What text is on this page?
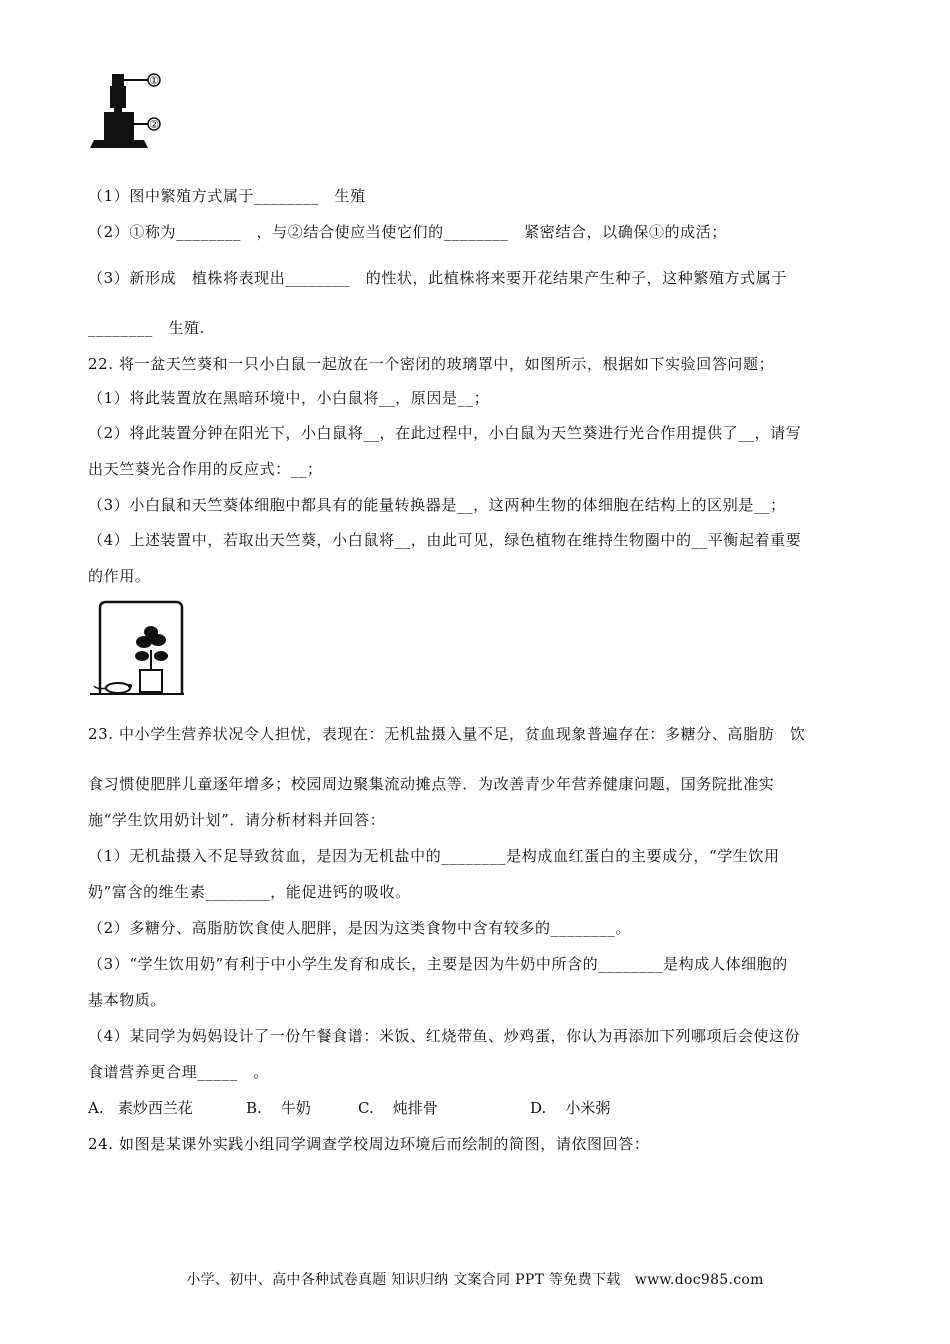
①
②
（1）图中繁殖方式属于________　生殖
（2）①称为________　，与②结合使应当使它们的________　紧密结合，以确保①的成活；
（3）新形成　植株将表现出________　的性状，此植株将来要开花结果产生种子，这种繁殖方式属于
________　生殖.
22. 将一盆天竺葵和一只小白鼠一起放在一个密闭的玻璃罩中，如图所示，根据如下实验回答问题；
（1）将此装置放在黑暗环境中，小白鼠将__，原因是__；
（2）将此装置分钟在阳光下，小白鼠将__，在此过程中，小白鼠为天竺葵进行光合作用提供了__，请写
出天竺葵光合作用的反应式：__；
（3）小白鼠和天竺葵体细胞中都具有的能量转换器是__，这两种生物的体细胞在结构上的区别是__；
（4）上述装置中，若取出天竺葵，小白鼠将__，由此可见，绿色植物在维持生物圈中的__平衡起着重要
的作用。
23. 中小学生营养状况令人担忧，表现在：无机盐摄入量不足，贫血现象普遍存在：多糖分、高脂肪　饮
食习惯使肥胖儿童逐年增多；校园周边聚集流动摊点等．为改善青少年营养健康问题，国务院批准实
施“学生饮用奶计划”．请分析材料并回答：
（1）无机盐摄入不足导致贫血，是因为无机盐中的________是构成血红蛋白的主要成分，“学生饮用
奶”富含的维生素________，能促进钙的吸收。
（2）多糖分、高脂肪饮食使人肥胖，是因为这类食物中含有较多的________。
（3）“学生饮用奶”有利于中小学生发育和成长，主要是因为牛奶中所含的________是构成人体细胞的
基本物质。
（4）某同学为妈妈设计了一份午餐食谱：米饭、红烧带鱼、炒鸡蛋，你认为再添加下列哪项后会使这份
食谱营养更合理_____　。
A. 素炒西兰花	B. 牛奶	C. 炖排骨	D. 小米粥
24. 如图是某课外实践小组同学调查学校周边环境后而绘制的简图，请依图回答：
小学、初中、高中各种试卷真题 知识归纳 文案合同 PPT 等免费下载　www.doc985.com
